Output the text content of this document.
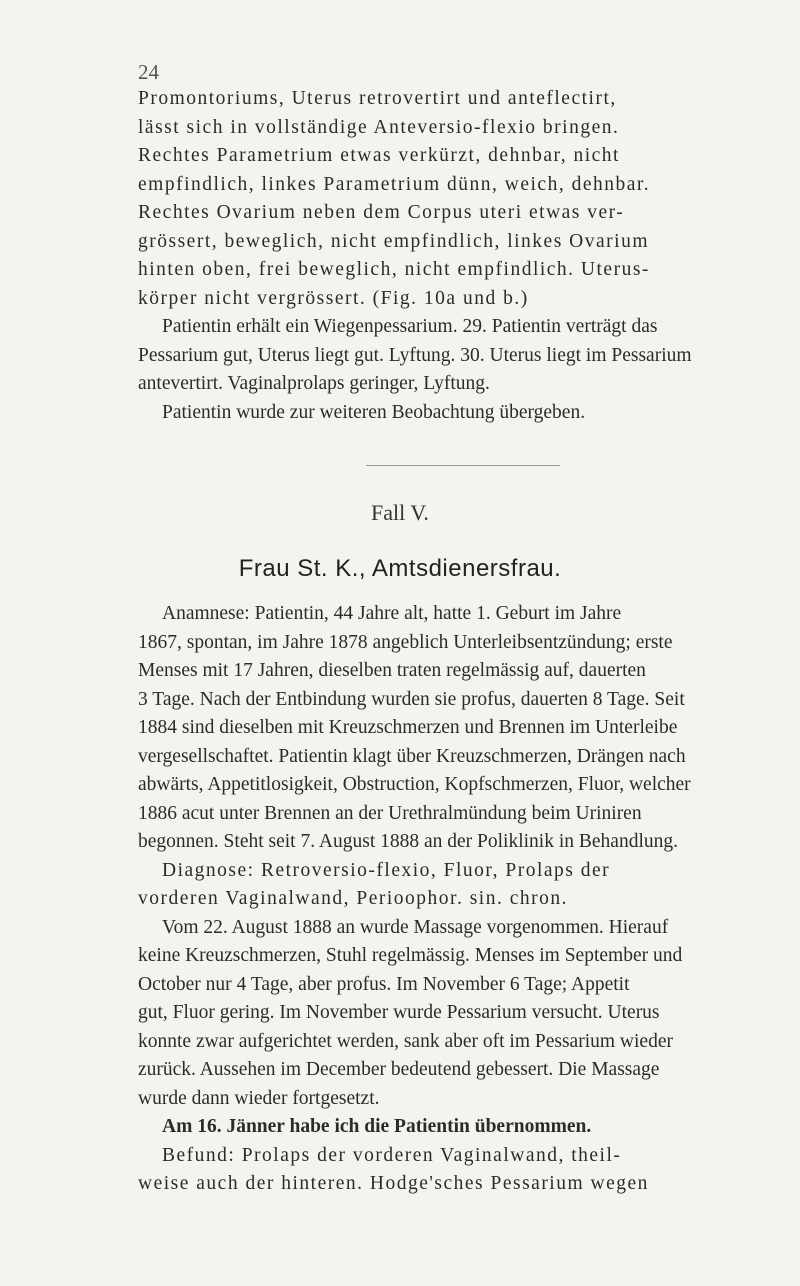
24
Promontoriums, Uterus retrovertirt und anteflectirt,
lässt sich in vollständige Anteversio-flexio bringen.
Rechtes Parametrium etwas verkürzt, dehnbar, nicht
empfindlich, linkes Parametrium dünn, weich, dehnbar.
Rechtes Ovarium neben dem Corpus uteri etwas ver-
grössert, beweglich, nicht empfindlich, linkes Ovarium
hinten oben, frei beweglich, nicht empfindlich. Uterus-
körper nicht vergrössert. (Fig. 10a und b.)
Patientin erhält ein Wiegenpessarium. 29. Patientin verträgt das
Pessarium gut, Uterus liegt gut. Lyftung. 30. Uterus liegt im Pessarium
antevertirt. Vaginalprolaps geringer, Lyftung.
Patientin wurde zur weiteren Beobachtung übergeben.
Fall V.
Frau St. K., Amtsdienersfrau.
Anamnese: Patientin, 44 Jahre alt, hatte 1. Geburt im Jahre
1867, spontan, im Jahre 1878 angeblich Unterleibsentzündung; erste
Menses mit 17 Jahren, dieselben traten regelmässig auf, dauerten
3 Tage. Nach der Entbindung wurden sie profus, dauerten 8 Tage. Seit
1884 sind dieselben mit Kreuzschmerzen und Brennen im Unterleibe
vergesellschaftet. Patientin klagt über Kreuzschmerzen, Drängen nach
abwärts, Appetitlosigkeit, Obstruction, Kopfschmerzen, Fluor, welcher
1886 acut unter Brennen an der Urethralmündung beim Uriniren
begonnen. Steht seit 7. August 1888 an der Poliklinik in Behandlung.
Diagnose: Retroversio-flexio, Fluor, Prolaps der
vorderen Vaginalwand, Perioophor. sin. chron.
Vom 22. August 1888 an wurde Massage vorgenommen. Hierauf
keine Kreuzschmerzen, Stuhl regelmässig. Menses im September und
October nur 4 Tage, aber profus. Im November 6 Tage; Appetit
gut, Fluor gering. Im November wurde Pessarium versucht. Uterus
konnte zwar aufgerichtet werden, sank aber oft im Pessarium wieder
zurück. Aussehen im December bedeutend gebessert. Die Massage
wurde dann wieder fortgesetzt.
Am 16. Jänner habe ich die Patientin übernommen.
Befund: Prolaps der vorderen Vaginalwand, theil-
weise auch der hinteren. Hodge'sches Pessarium wegen
